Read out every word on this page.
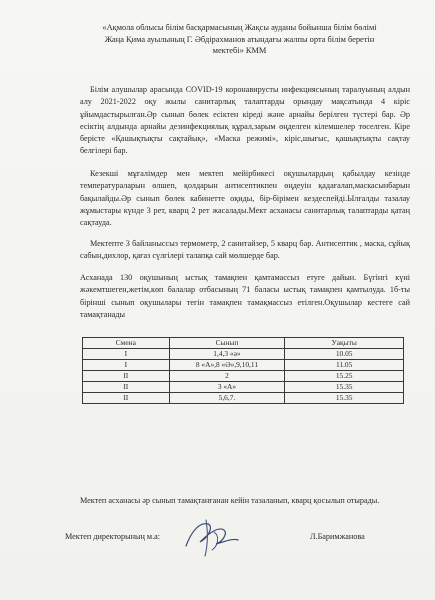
«Ақмола облысы білім басқармасының Жақсы ауданы бойынша білім бөлімі
Жаңа Қима ауылының Г. Әбдірахманов атындағы жалпы орта білім беретін
мектебі» КММ
Білім алушылар арасында COVID-19 коронавирусты инфекциясының таралуының алдын алу 2021-2022 оқу жылы санитарлық талаптарды орындау мақсатында 4 кіріс ұйымдастырылған.Әр сынып бөлек есіктен кіреді және арнайы берілген түстері бар. Әр есіктің алдында арнайы дезинфекциялық құрал,зарым өңделген кілемшелер төселген. Кіре берісте «Қашықтықты сақтайық», «Маска режимі», кіріс,шығыс, қашықтықты сақтау белгілері бар.
Кезекші мұғалімдер мен мектеп мейірбикесі оқушылардың қабылдау кезінде температураларын өлшеп, қолдарын антисептикпен өңдеуін қадағалап,маскасынбарын бақылайды.Әр сынып бөлек кабинетте оқиды, бір-бірімен кездеспейді.Ылғалды тазалау жұмыстары күнде 3 рет, кварц 2 рет жасалады.Мект асханасы санитарлық талаптарды қатаң сақтауда.
Мектепте 3 байланыссыз термометр, 2 санитайзер, 5 кварц бар. Антисептик , маска, сұйық сабын,дихлор, қағаз сүлгілері талапқа сай мөлшерде бар.
Асханада 130 оқушының ыстық тамақпен қамтамассыз етуге дайын. Бүгінгі күні жәкемтшеген,жетім,көп балалар отбасының 71 баласы ыстық тамақпен қамтылуда. 1б-ты бірінші сынып оқушылары тегін тамақпен тамақмассыз етілген.Оқушылар кестеге сай тамақтанады
Смена	Сынып	Уақыты
I	1,4,3 «ә»	10.05
I	8 «А»,8 «Ә»,9,10,11	11.05
II	2	15.25
II	3 «А»	15.35
II	5,6,7.	15.35
Мектеп асханасы әр сынып тамақтанғанан кейін тазаланып, кварц қосылып отырады.
Мектеп директорының м.а:	Л.Баримжанова
